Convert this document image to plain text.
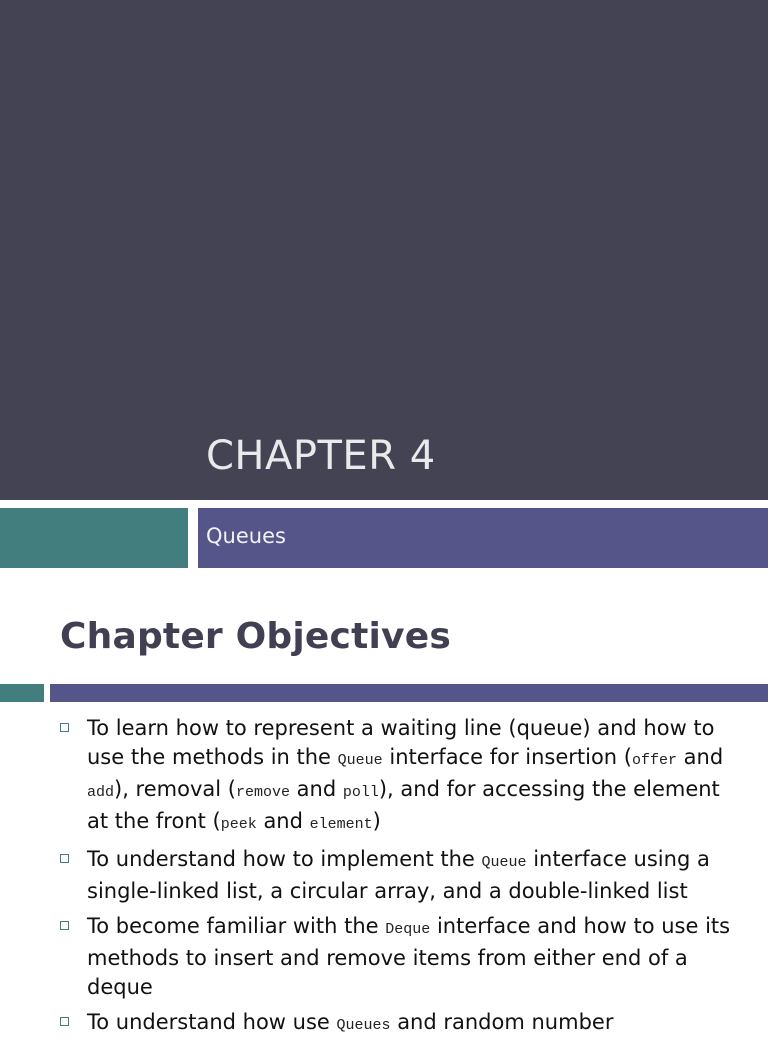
CHAPTER 4
Queues
Chapter Objectives
To learn how to represent a waiting line (queue) and how to use the methods in the Queue interface for insertion (offer and add), removal (remove and poll), and for accessing the element at the front (peek and element)
To understand how to implement the Queue interface using a single-linked list, a circular array, and a double-linked list
To become familiar with the Deque interface and how to use its methods to insert and remove items from either end of a deque
To understand how use Queues and random number
